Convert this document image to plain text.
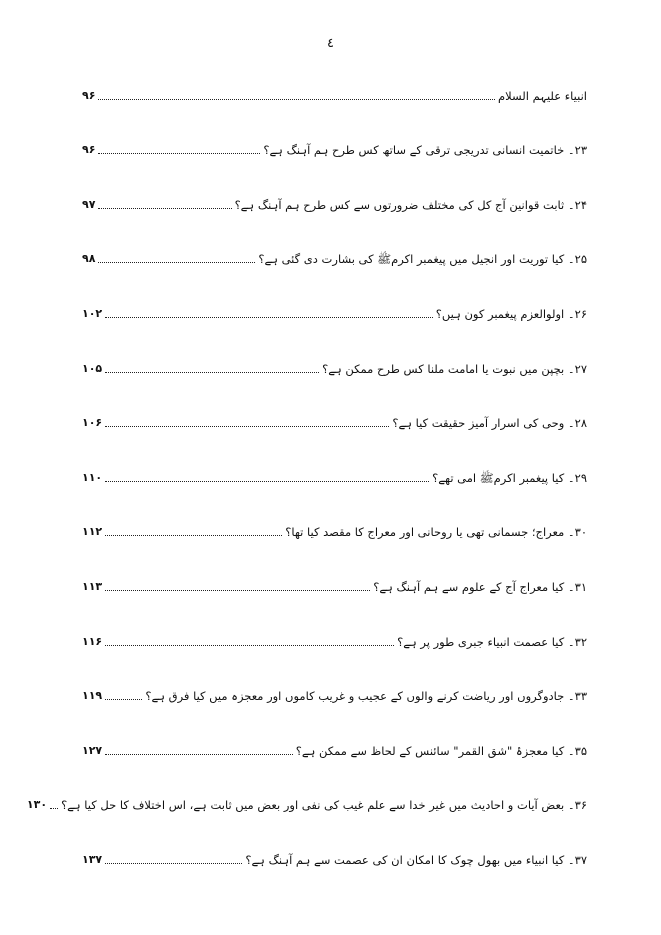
٤
انبیاء علیہم السلام
۹۶
۲۳۔ خاتمیت انسانی تدریجی ترقی کے ساتھ کس طرح ہم آہنگ ہے؟
۹۶
۲۴۔ ثابت قوانین آج کل کی مختلف ضرورتوں سے کس طرح ہم آہنگ ہے؟
۹۷
۲۵۔ کیا توریت اور انجیل میں پیغمبر اکرمﷺ کی بشارت دی گئی ہے؟
۹۸
۲۶۔ اولوالعزم پیغمبر کون ہیں؟
۱۰۲
۲۷۔ بچپن میں نبوت یا امامت ملنا کس طرح ممکن ہے؟
۱۰۵
۲۸۔ وحی کی اسرار آمیز حقیقت کیا ہے؟
۱۰۶
۲۹۔ کیا پیغمبر اکرمﷺ امی تھے؟
۱۱۰
۳۰۔ معراج؛ جسمانی تھی یا روحانی اور معراج کا مقصد کیا تھا؟
۱۱۲
۳۱۔ کیا معراج آج کے علوم سے ہم آہنگ ہے؟
۱۱۳
۳۲۔ کیا عصمت انبیاء جبری طور پر ہے؟
۱۱۶
۳۳۔ جادوگروں اور ریاضت کرنے والوں کے عجیب و غریب کاموں اور معجزہ میں کیا فرق ہے؟
۱۱۹
۳۵۔ کیا معجزۂ "شق القمر" سائنس کے لحاظ سے ممکن ہے؟
۱۲۷
۳۶۔ بعض آیات و احادیث میں غیر خدا سے علم غیب کی نفی اور بعض میں ثابت ہے، اس اختلاف کا حل کیا ہے؟
۱۳۰
۳۷۔ کیا انبیاء میں بھول چوک کا امکان ان کی عصمت سے ہم آہنگ ہے؟
۱۳۷
